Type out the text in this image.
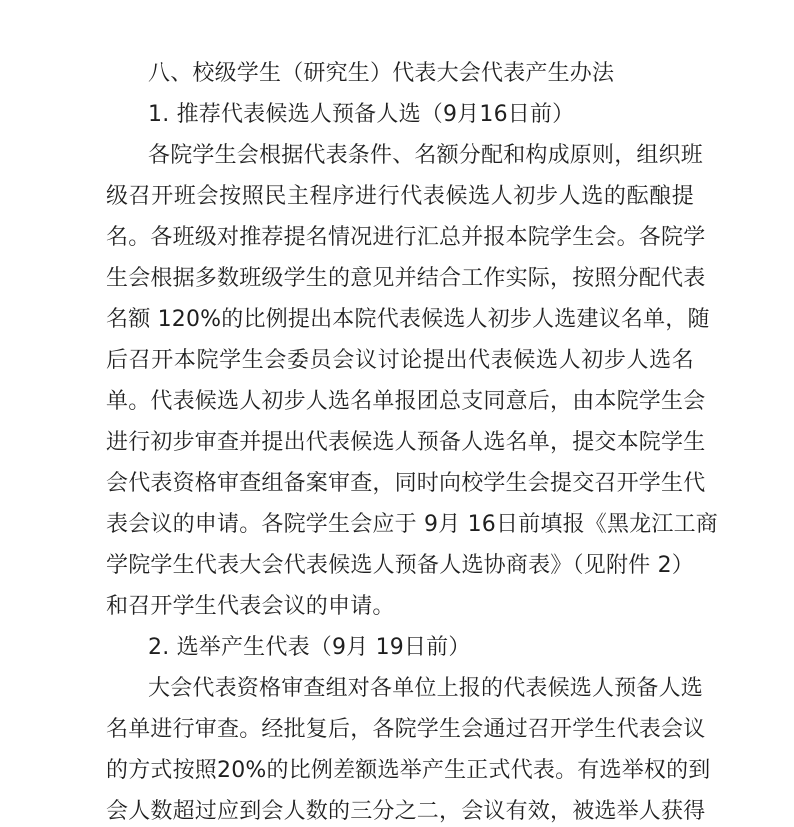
八、校级学生（研究生）代表大会代表产生办法
1. 推荐代表候选人预备人选（9月16日前）
各院学生会根据代表条件、名额分配和构成原则，组织班
级召开班会按照民主程序进行代表候选人初步人选的酝酿提
名。各班级对推荐提名情况进行汇总并报本院学生会。各院学
生会根据多数班级学生的意见并结合工作实际，按照分配代表
名额 120%的比例提出本院代表候选人初步人选建议名单，随
后召开本院学生会委员会议讨论提出代表候选人初步人选名
单。代表候选人初步人选名单报团总支同意后，由本院学生会
进行初步审查并提出代表候选人预备人选名单，提交本院学生
会代表资格审查组备案审查，同时向校学生会提交召开学生代
表会议的申请。各院学生会应于 9月 16日前填报《黑龙江工商
学院学生代表大会代表候选人预备人选协商表》（见附件 2）
和召开学生代表会议的申请。
2. 选举产生代表（9月 19日前）
大会代表资格审查组对各单位上报的代表候选人预备人选
名单进行审查。经批复后，各院学生会通过召开学生代表会议
的方式按照20%的比例差额选举产生正式代表。有选举权的到
会人数超过应到会人数的三分之二，会议有效，被选举人获得
